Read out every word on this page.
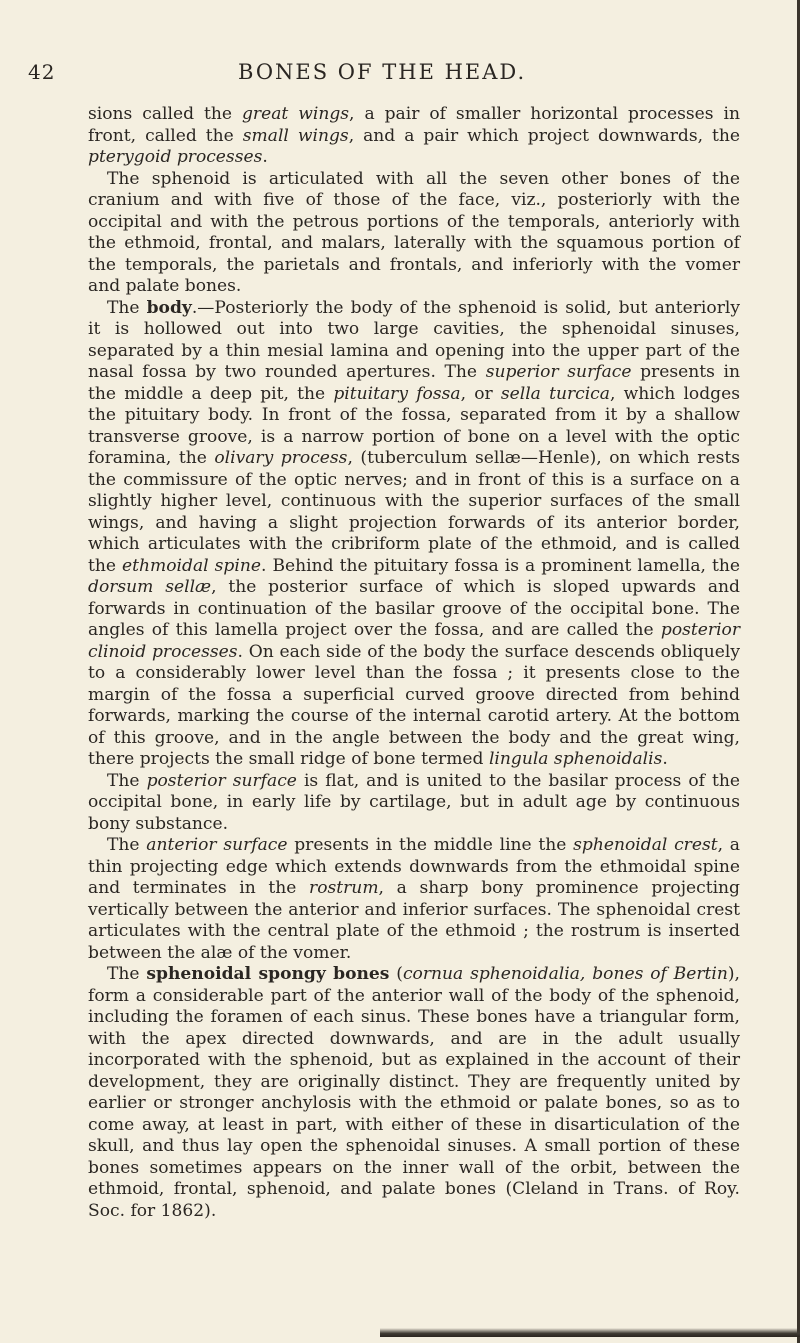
42	BONES OF THE HEAD.

sions called the great wings, a pair of smaller horizontal processes in front, called the small wings, and a pair which project downwards, the pterygoid processes.

The sphenoid is articulated with all the seven other bones of the cranium and with five of those of the face, viz., posteriorly with the occipital and with the petrous portions of the temporals, anteriorly with the ethmoid, frontal, and malars, laterally with the squamous portion of the temporals, the parietals and frontals, and inferiorly with the vomer and palate bones.

The body.—Posteriorly the body of the sphenoid is solid, but anteriorly it is hollowed out into two large cavities, the sphenoidal sinuses, separated by a thin mesial lamina and opening into the upper part of the nasal fossa by two rounded apertures. The superior surface presents in the middle a deep pit, the pituitary fossa, or sella turcica, which lodges the pituitary body. In front of the fossa, separated from it by a shallow transverse groove, is a narrow portion of bone on a level with the optic foramina, the olivary process, (tuberculum sellæ—Henle), on which rests the commissure of the optic nerves; and in front of this is a surface on a slightly higher level, continuous with the superior surfaces of the small wings, and having a slight projection forwards of its anterior border, which articulates with the cribriform plate of the ethmoid, and is called the ethmoidal spine. Behind the pituitary fossa is a prominent lamella, the dorsum sellæ, the posterior surface of which is sloped upwards and forwards in continuation of the basilar groove of the occipital bone. The angles of this lamella project over the fossa, and are called the posterior clinoid processes. On each side of the body the surface descends obliquely to a considerably lower level than the fossa ; it presents close to the margin of the fossa a superficial curved groove directed from behind forwards, marking the course of the internal carotid artery. At the bottom of this groove, and in the angle between the body and the great wing, there projects the small ridge of bone termed lingula sphenoidalis.

The posterior surface is flat, and is united to the basilar process of the occipital bone, in early life by cartilage, but in adult age by continuous bony substance.

The anterior surface presents in the middle line the sphenoidal crest, a thin projecting edge which extends downwards from the ethmoidal spine and terminates in the rostrum, a sharp bony prominence projecting vertically between the anterior and inferior surfaces. The sphenoidal crest articulates with the central plate of the ethmoid ; the rostrum is inserted between the alæ of the vomer.

The sphenoidal spongy bones (cornua sphenoidalia, bones of Bertin), form a considerable part of the anterior wall of the body of the sphenoid, including the foramen of each sinus. These bones have a triangular form, with the apex directed downwards, and are in the adult usually incorporated with the sphenoid, but as explained in the account of their development, they are originally distinct. They are frequently united by earlier or stronger anchylosis with the ethmoid or palate bones, so as to come away, at least in part, with either of these in disarticulation of the skull, and thus lay open the sphenoidal sinuses. A small portion of these bones sometimes appears on the inner wall of the orbit, between the ethmoid, frontal, sphenoid, and palate bones (Cleland in Trans. of Roy. Soc. for 1862).
